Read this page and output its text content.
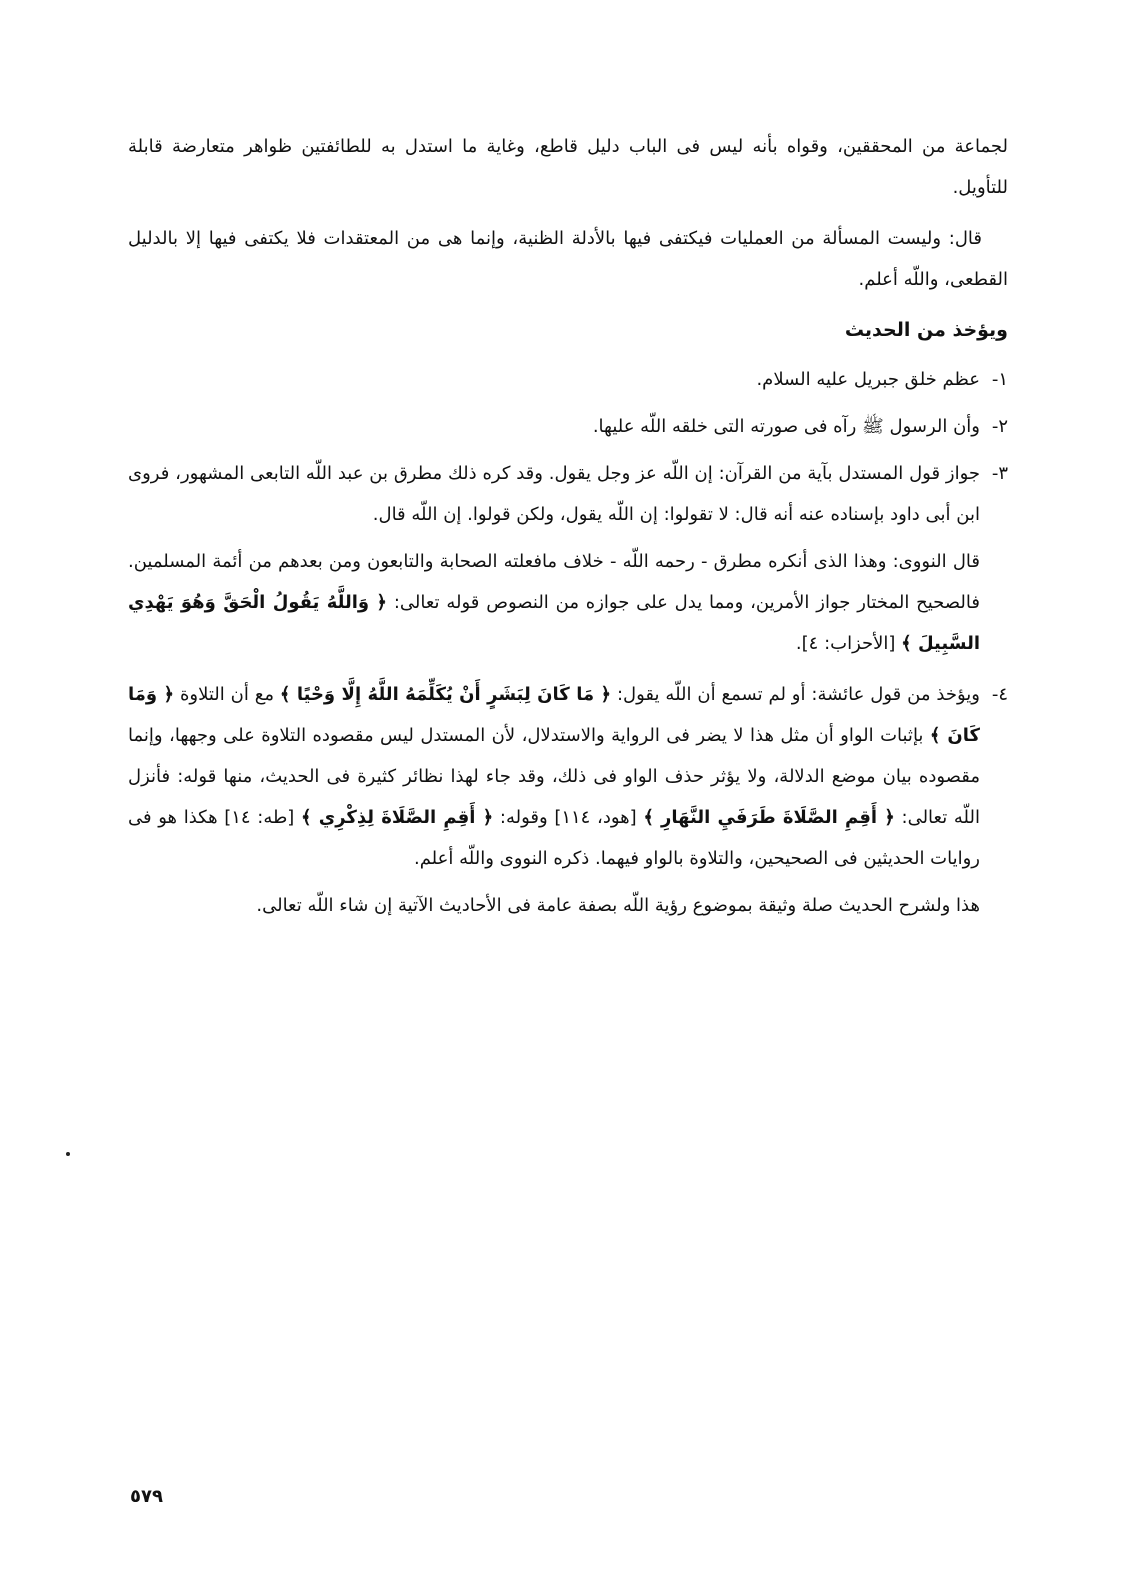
لجماعة من المحققين، وقواه بأنه ليس فى الباب دليل قاطع، وغاية ما استدل به للطائفتين ظواهر متعارضة قابلة للتأويل.

قال: وليست المسألة من العمليات فيكتفى فيها بالأدلة الظنية، وإنما هى من المعتقدات فلا يكتفى فيها إلا بالدليل القطعى، واللّه أعلم.

ويؤخذ من الحديث

١-
عظم خلق جبريل عليه السلام.
٢-
وأن الرسول ﷺ رآه فى صورته التى خلقه اللّه عليها.
٣-
جواز قول المستدل بآية من القرآن: إن اللّه عز وجل يقول. وقد كره ذلك مطرق بن عبد اللّه التابعى المشهور، فروى ابن أبى داود بإسناده عنه أنه قال: لا تقولوا: إن اللّه يقول، ولكن قولوا. إن اللّه قال.

قال النووى: وهذا الذى أنكره مطرق - رحمه اللّه - خلاف مافعلته الصحابة والتابعون ومن بعدهم من أئمة المسلمين. فالصحيح المختار جواز الأمرين، ومما يدل على جوازه من النصوص قوله تعالى: ﴿ وَاللَّهُ يَقُولُ الْحَقَّ وَهُوَ يَهْدِي السَّبِيلَ ﴾ [الأحزاب: ٤].

٤-
ويؤخذ من قول عائشة: أو لم تسمع أن اللّه يقول: ﴿ مَا كَانَ لِبَشَرٍ أَنْ يُكَلِّمَهُ اللَّهُ إِلَّا وَحْيًا ﴾ مع أن التلاوة ﴿ وَمَا كَانَ ﴾ بإثبات الواو أن مثل هذا لا يضر فى الرواية والاستدلال، لأن المستدل ليس مقصوده التلاوة على وجهها، وإنما مقصوده بيان موضع الدلالة، ولا يؤثر حذف الواو فى ذلك، وقد جاء لهذا نظائر كثيرة فى الحديث، منها قوله: فأنزل اللّه تعالى: ﴿ أَقِمِ الصَّلَاةَ طَرَفَيِ النَّهَارِ ﴾ [هود، ١١٤] وقوله: ﴿ أَقِمِ الصَّلَاةَ لِذِكْرِي ﴾ [طه: ١٤] هكذا هو فى روايات الحديثين فى الصحيحين، والتلاوة بالواو فيهما. ذكره النووى واللّه أعلم.

هذا ولشرح الحديث صلة وثيقة بموضوع رؤية اللّه بصفة عامة فى الأحاديث الآتية إن شاء اللّه تعالى.

٥٧٩
